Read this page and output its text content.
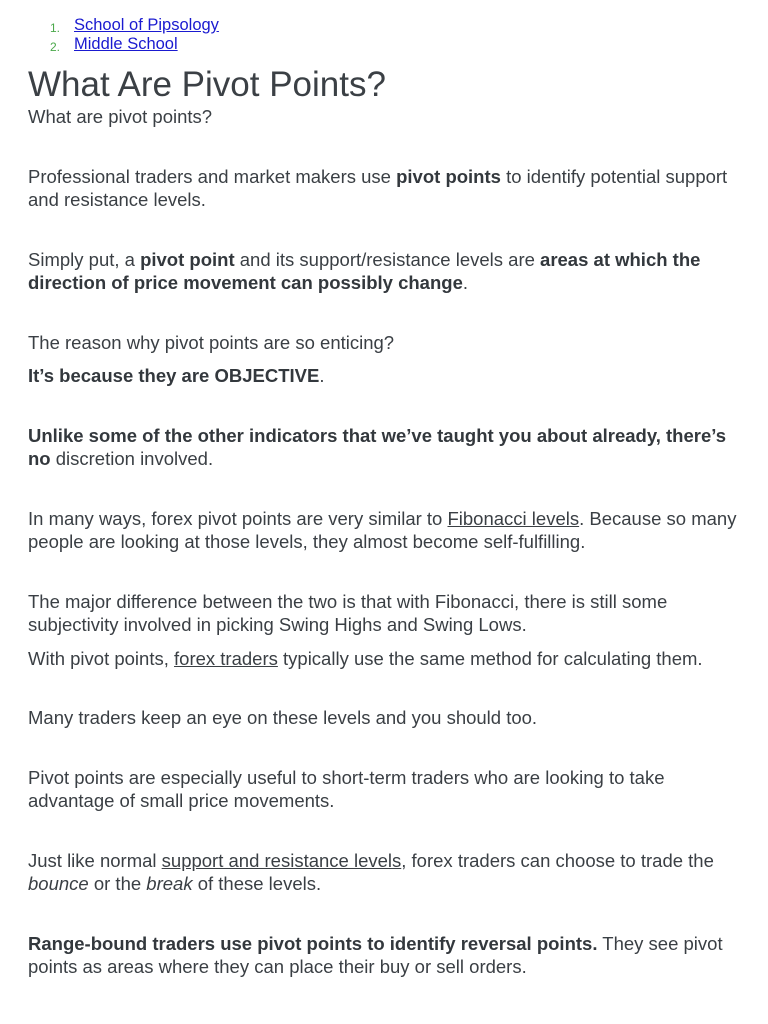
1. School of Pipsology
2. Middle School
What Are Pivot Points?

What are pivot points?

Professional traders and market makers use pivot points to identify potential support and resistance levels.

Simply put, a pivot point and its support/resistance levels are areas at which the direction of price movement can possibly change.

The reason why pivot points are so enticing?

It’s because they are OBJECTIVE.

Unlike some of the other indicators that we’ve taught you about already, there’s no discretion involved.

In many ways, forex pivot points are very similar to Fibonacci levels. Because so many people are looking at those levels, they almost become self-fulfilling.

The major difference between the two is that with Fibonacci, there is still some subjectivity involved in picking Swing Highs and Swing Lows.

With pivot points, forex traders typically use the same method for calculating them.

Many traders keep an eye on these levels and you should too.

Pivot points are especially useful to short-term traders who are looking to take advantage of small price movements.

Just like normal support and resistance levels, forex traders can choose to trade the bounce or the break of these levels.

Range-bound traders use pivot points to identify reversal points. They see pivot points as areas where they can place their buy or sell orders.
